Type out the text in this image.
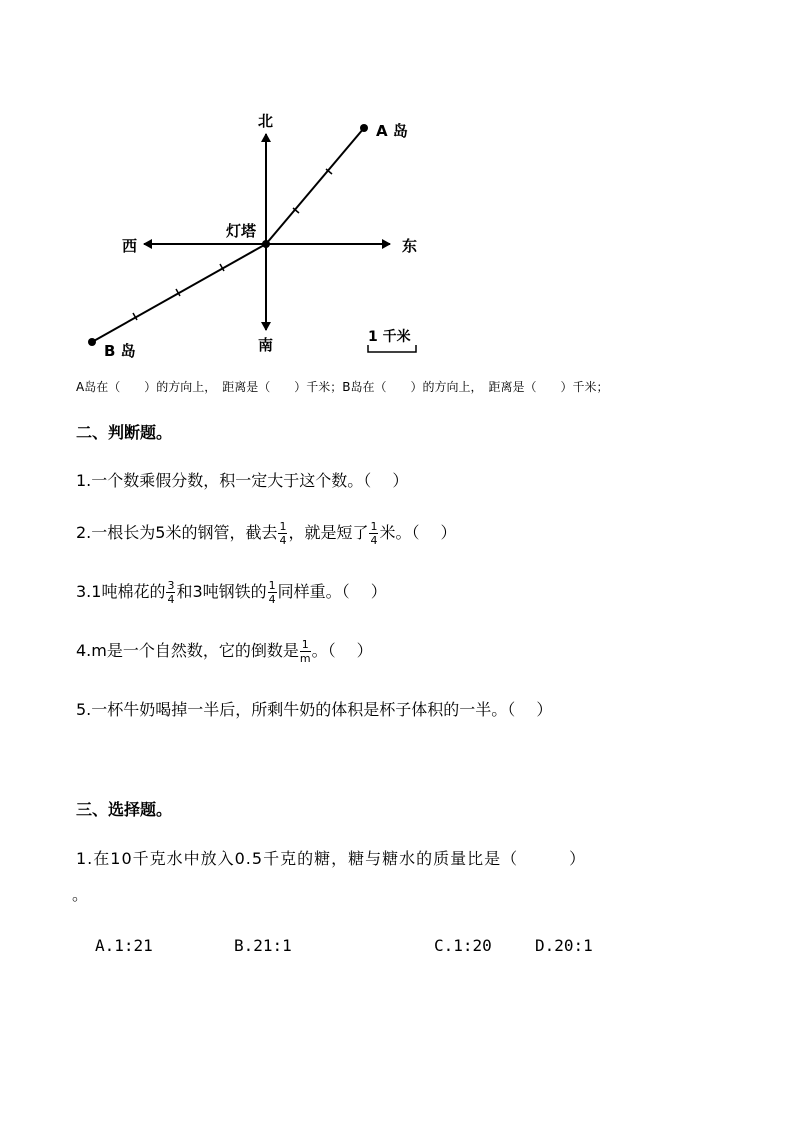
北
南
东
西
灯塔
A 岛
B 岛
1 千米
A岛在（　　）的方向上，　距离是（　　）千米；B岛在（　　）的方向上，　距离是（　　）千米；
二、判断题。
1.一个数乘假分数，积一定大于这个数。（　 ）
2.一根长为5米的钢管，截去 $\frac{1}{4}$ ，就是短了 $\frac{1}{4}$ 米。（　 ）
3.1吨棉花的 $\frac{3}{4}$ 和3吨钢铁的 $\frac{1}{4}$ 同样重。（　 ）
4.m是一个自然数，它的倒数是 $\frac{1}{m}$ 。（　 ）
5.一杯牛奶喝掉一半后，所剩牛奶的体积是杯子体积的一半。（　 ）
三、选择题。
1.在10千克水中放入0.5千克的糖，糖与糖水的质量比是（　　　）
。
A.1:21	B.21:1	C.1:20	D.20:1
